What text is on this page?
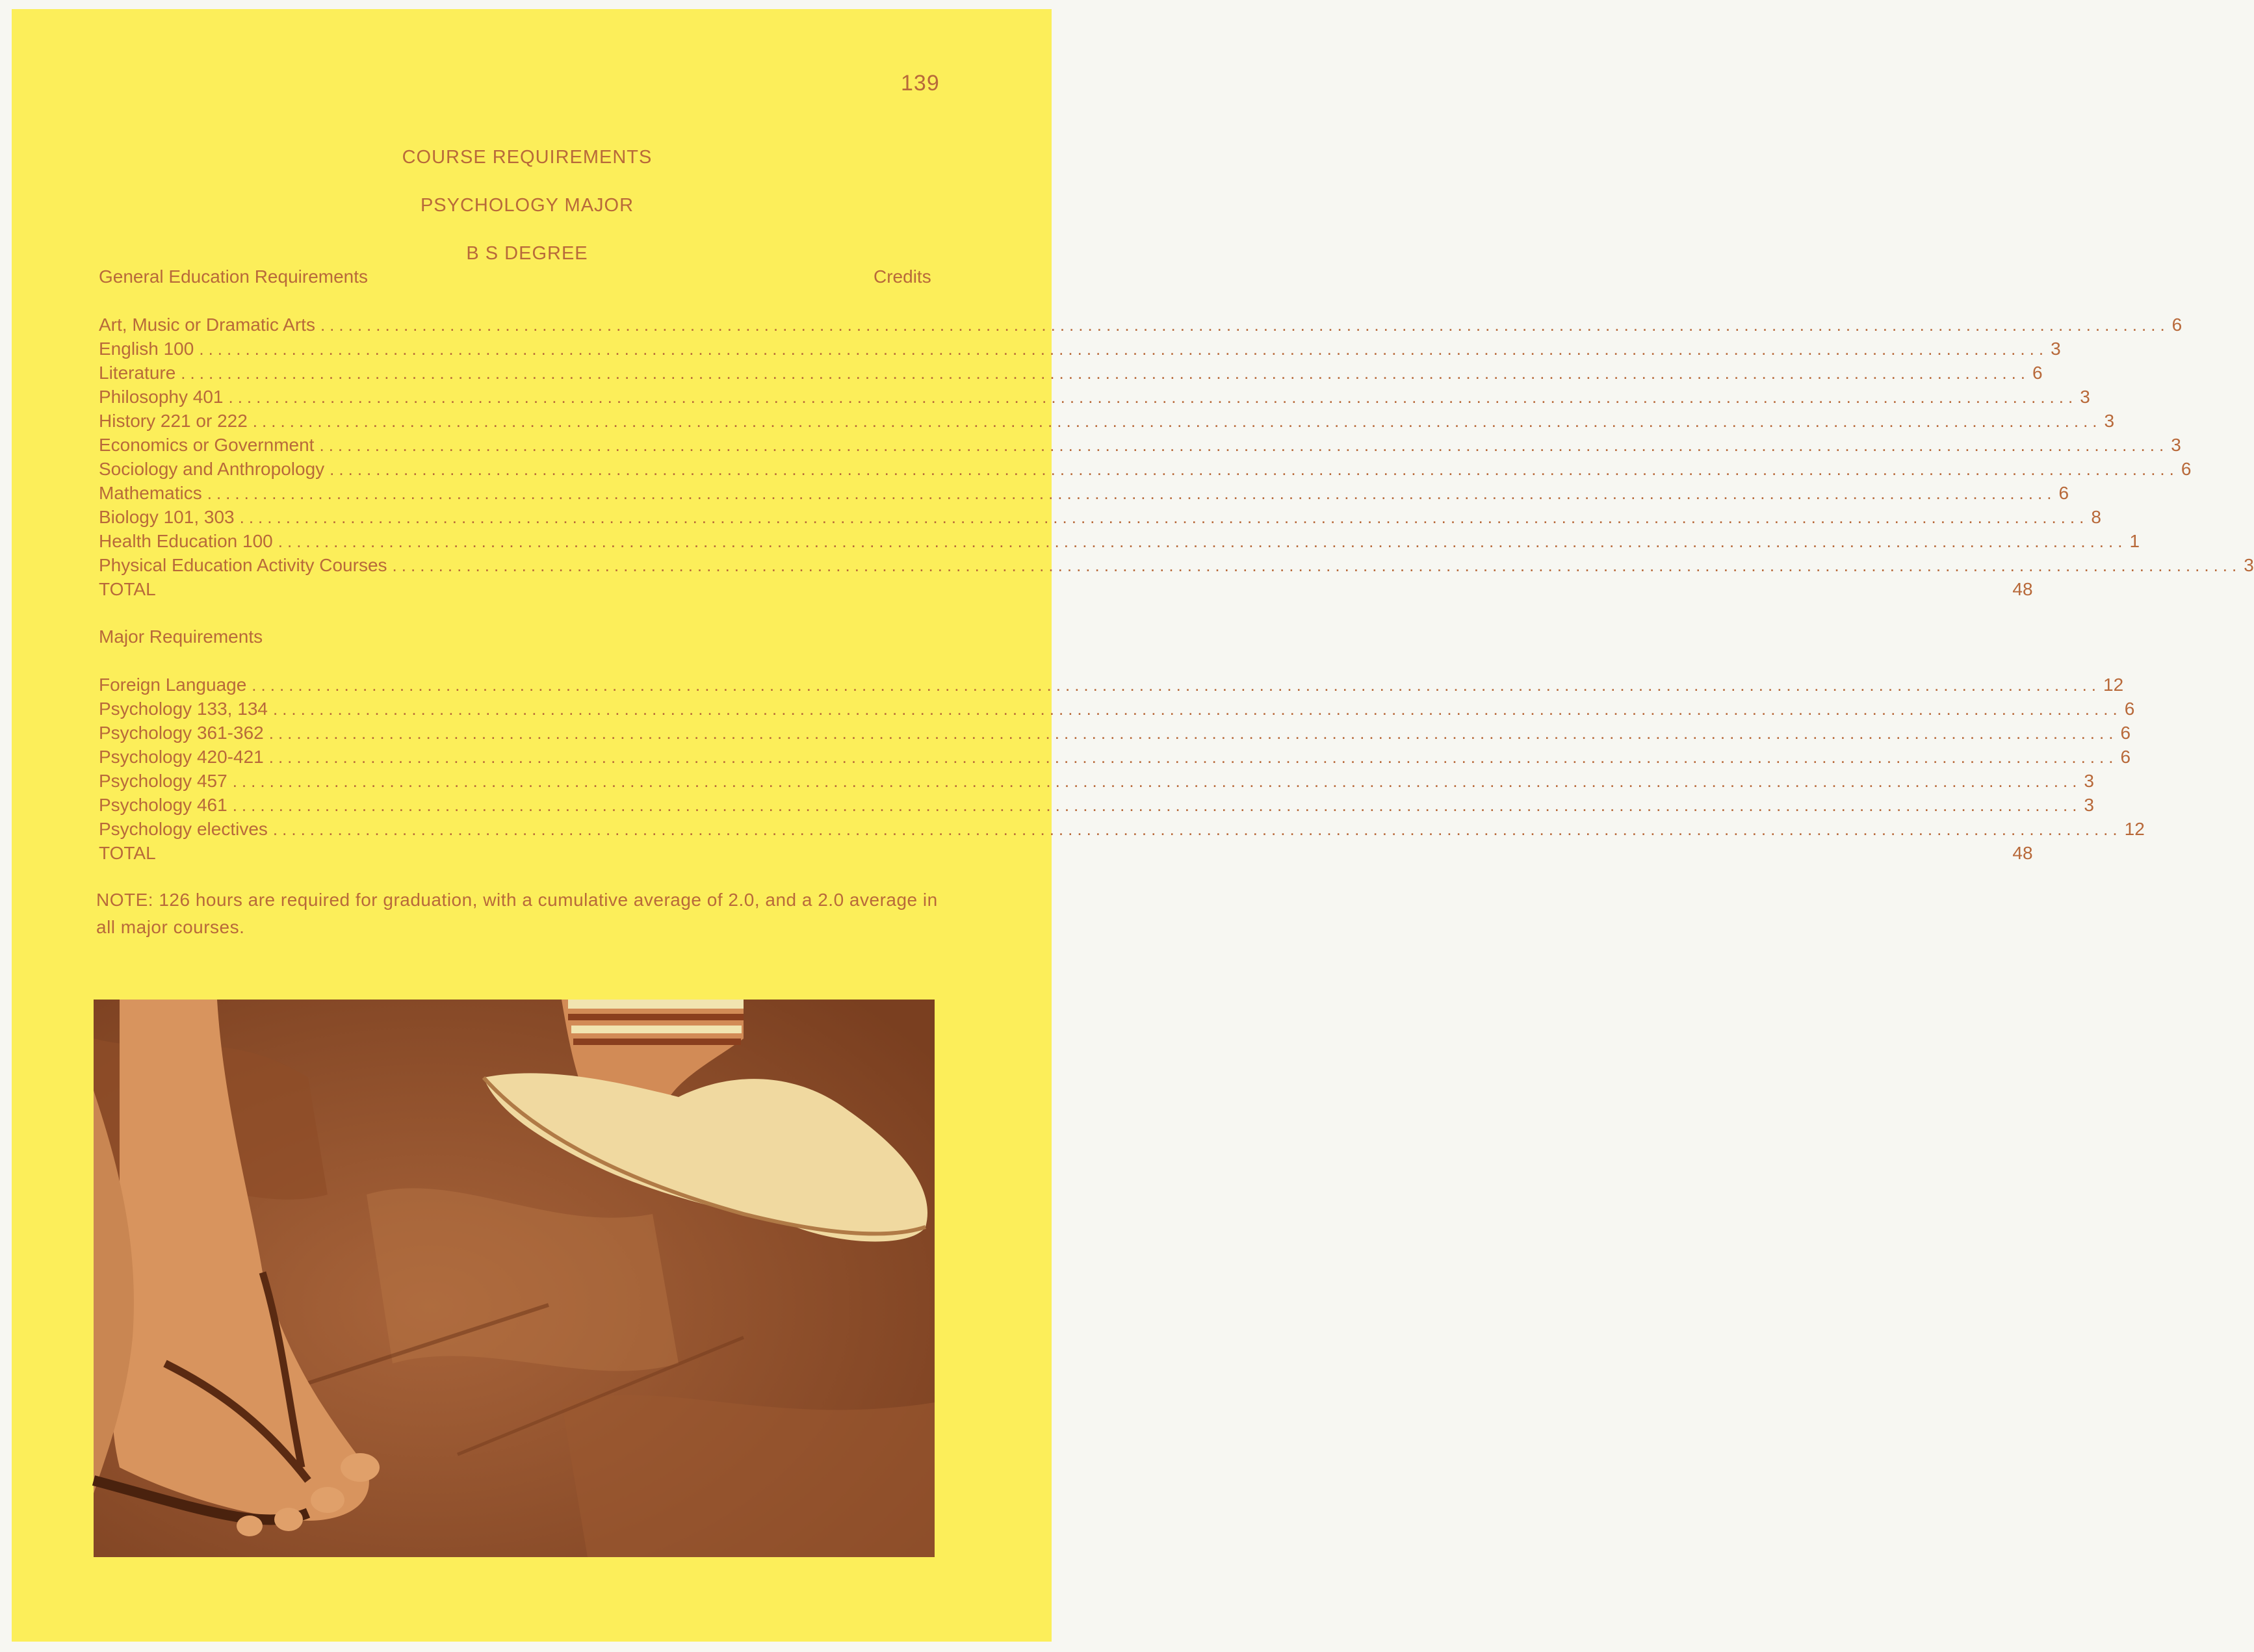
139
COURSE REQUIREMENTS
PSYCHOLOGY MAJOR
B S DEGREE
General Education Requirements	Credits
Art, Music or Dramatic Arts ........................................................................................................................................................................................................ 6
English 100 ........................................................................................................................................................................................................ 3
Literature ........................................................................................................................................................................................................ 6
Philosophy 401 ........................................................................................................................................................................................................ 3
History 221 or 222 ........................................................................................................................................................................................................ 3
Economics or Government ........................................................................................................................................................................................................ 3
Sociology and Anthropology ........................................................................................................................................................................................................ 6
Mathematics ........................................................................................................................................................................................................ 6
Biology 101, 303 ........................................................................................................................................................................................................ 8
Health Education 100 ........................................................................................................................................................................................................ 1
Physical Education Activity Courses ........................................................................................................................................................................................................ 3
TOTAL	48
Major Requirements
Foreign Language ........................................................................................................................................................................................................ 12
Psychology 133, 134 ........................................................................................................................................................................................................ 6
Psychology 361-362 ........................................................................................................................................................................................................ 6
Psychology 420-421 ........................................................................................................................................................................................................ 6
Psychology 457 ........................................................................................................................................................................................................ 3
Psychology 461 ........................................................................................................................................................................................................ 3
Psychology electives ........................................................................................................................................................................................................ 12
TOTAL	48
NOTE: 126 hours are required for graduation, with a cumulative average of 2.0, and a 2.0 average in all major courses.
